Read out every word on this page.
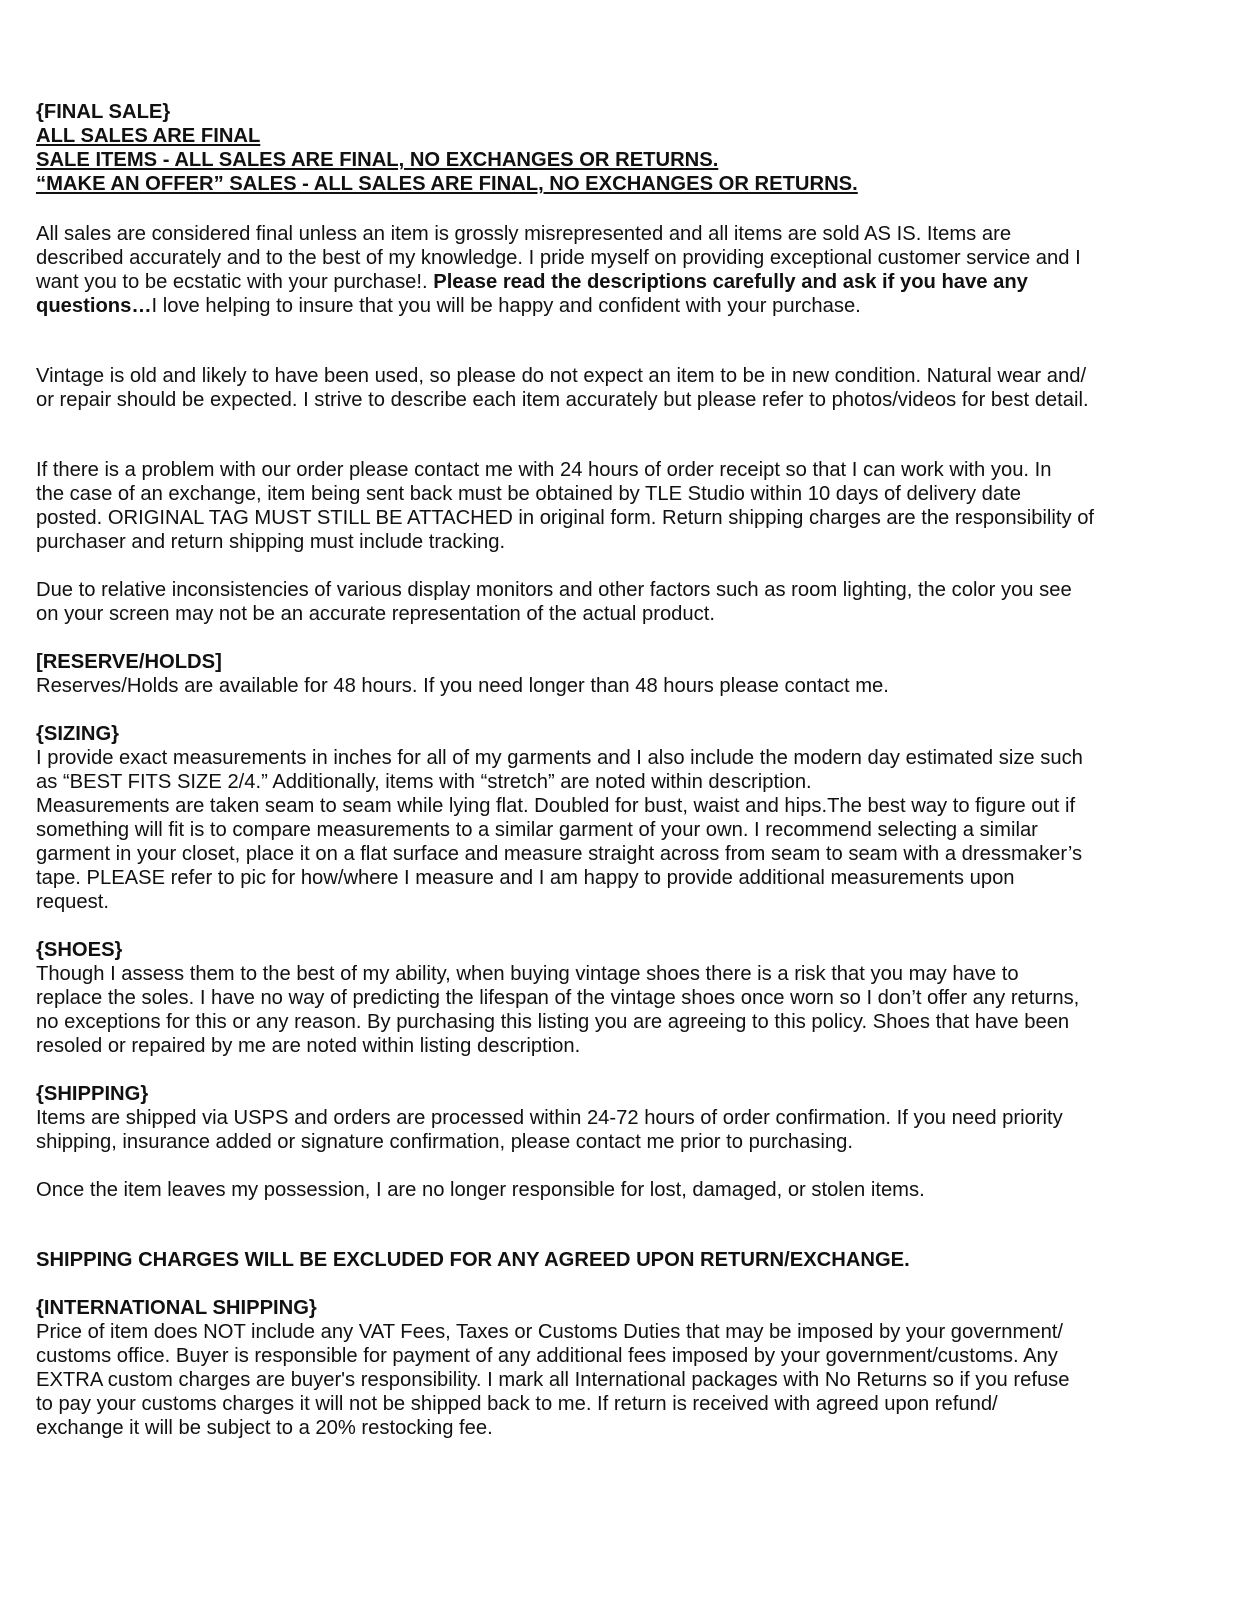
{FINAL SALE}
ALL SALES ARE FINAL
SALE ITEMS - ALL SALES ARE FINAL, NO EXCHANGES OR RETURNS.
“MAKE AN OFFER” SALES - ALL SALES ARE FINAL, NO EXCHANGES OR RETURNS.
All sales are considered final unless an item is grossly misrepresented and all items are sold AS IS. Items are
described accurately and to the best of my knowledge. I pride myself on providing exceptional customer service and I
want you to be ecstatic with your purchase!. Please read the descriptions carefully and ask if you have any
questions…I love helping to insure that you will be happy and confident with your purchase.
Vintage is old and likely to have been used, so please do not expect an item to be in new condition. Natural wear and/
or repair should be expected. I strive to describe each item accurately but please refer to photos/videos for best detail.
If there is a problem with our order please contact me with 24 hours of order receipt so that I can work with you. In
the case of an exchange, item being sent back must be obtained by TLE Studio within 10 days of delivery date
posted. ORIGINAL TAG MUST STILL BE ATTACHED in original form. Return shipping charges are the responsibility of
purchaser and return shipping must include tracking.
Due to relative inconsistencies of various display monitors and other factors such as room lighting, the color you see
on your screen may not be an accurate representation of the actual product.
[RESERVE/HOLDS]
Reserves/Holds are available for 48 hours. If you need longer than 48 hours please contact me.
{SIZING}
I provide exact measurements in inches for all of my garments and I also include the modern day estimated size such
as “BEST FITS SIZE 2/4.” Additionally, items with “stretch” are noted within description.
Measurements are taken seam to seam while lying flat. Doubled for bust, waist and hips.The best way to figure out if
something will fit is to compare measurements to a similar garment of your own. I recommend selecting a similar
garment in your closet, place it on a flat surface and measure straight across from seam to seam with a dressmaker’s
tape. PLEASE refer to pic for how/where I measure and I am happy to provide additional measurements upon
request.
{SHOES}
Though I assess them to the best of my ability, when buying vintage shoes there is a risk that you may have to
replace the soles. I have no way of predicting the lifespan of the vintage shoes once worn so I don’t offer any returns,
no exceptions for this or any reason. By purchasing this listing you are agreeing to this policy. Shoes that have been
resoled or repaired by me are noted within listing description.
{SHIPPING}
Items are shipped via USPS and orders are processed within 24-72 hours of order confirmation. If you need priority
shipping, insurance added or signature confirmation, please contact me prior to purchasing.
Once the item leaves my possession, I are no longer responsible for lost, damaged, or stolen items.
SHIPPING CHARGES WILL BE EXCLUDED FOR ANY AGREED UPON RETURN/EXCHANGE.
{INTERNATIONAL SHIPPING}
Price of item does NOT include any VAT Fees, Taxes or Customs Duties that may be imposed by your government/
customs office. Buyer is responsible for payment of any additional fees imposed by your government/customs. Any
EXTRA custom charges are buyer's responsibility. I mark all International packages with No Returns so if you refuse
to pay your customs charges it will not be shipped back to me. If return is received with agreed upon refund/
exchange it will be subject to a 20% restocking fee.
